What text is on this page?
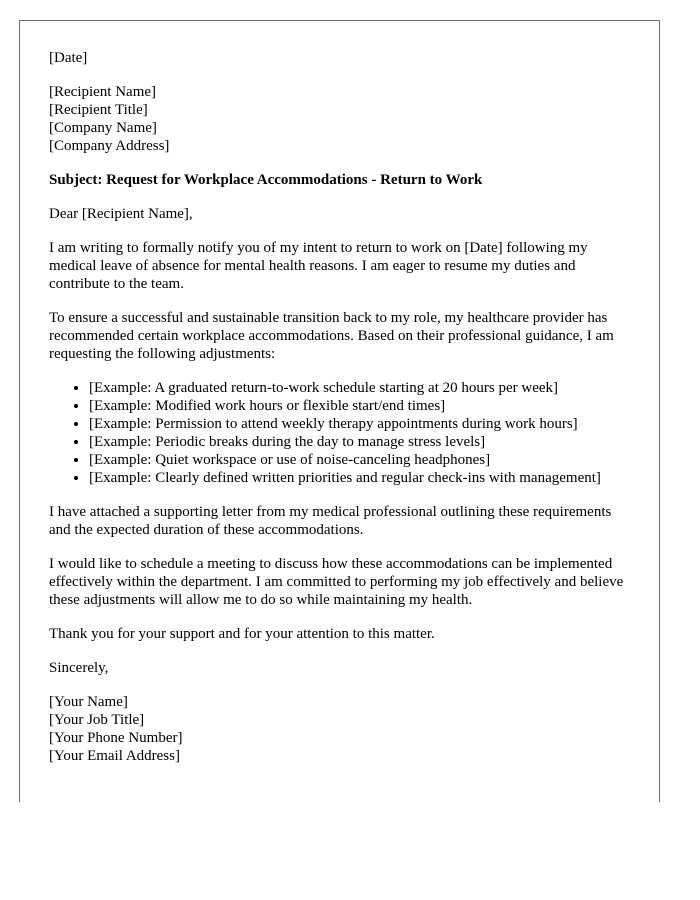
[Date]

[Recipient Name]
[Recipient Title]
[Company Name]
[Company Address]

Subject: Request for Workplace Accommodations - Return to Work

Dear [Recipient Name],

I am writing to formally notify you of my intent to return to work on [Date] following my medical leave of absence for mental health reasons. I am eager to resume my duties and contribute to the team.

To ensure a successful and sustainable transition back to my role, my healthcare provider has recommended certain workplace accommodations. Based on their professional guidance, I am requesting the following adjustments:

• [Example: A graduated return-to-work schedule starting at 20 hours per week]
• [Example: Modified work hours or flexible start/end times]
• [Example: Permission to attend weekly therapy appointments during work hours]
• [Example: Periodic breaks during the day to manage stress levels]
• [Example: Quiet workspace or use of noise-canceling headphones]
• [Example: Clearly defined written priorities and regular check-ins with management]

I have attached a supporting letter from my medical professional outlining these requirements and the expected duration of these accommodations.

I would like to schedule a meeting to discuss how these accommodations can be implemented effectively within the department. I am committed to performing my job effectively and believe these adjustments will allow me to do so while maintaining my health.

Thank you for your support and for your attention to this matter.

Sincerely,

[Your Name]
[Your Job Title]
[Your Phone Number]
[Your Email Address]
